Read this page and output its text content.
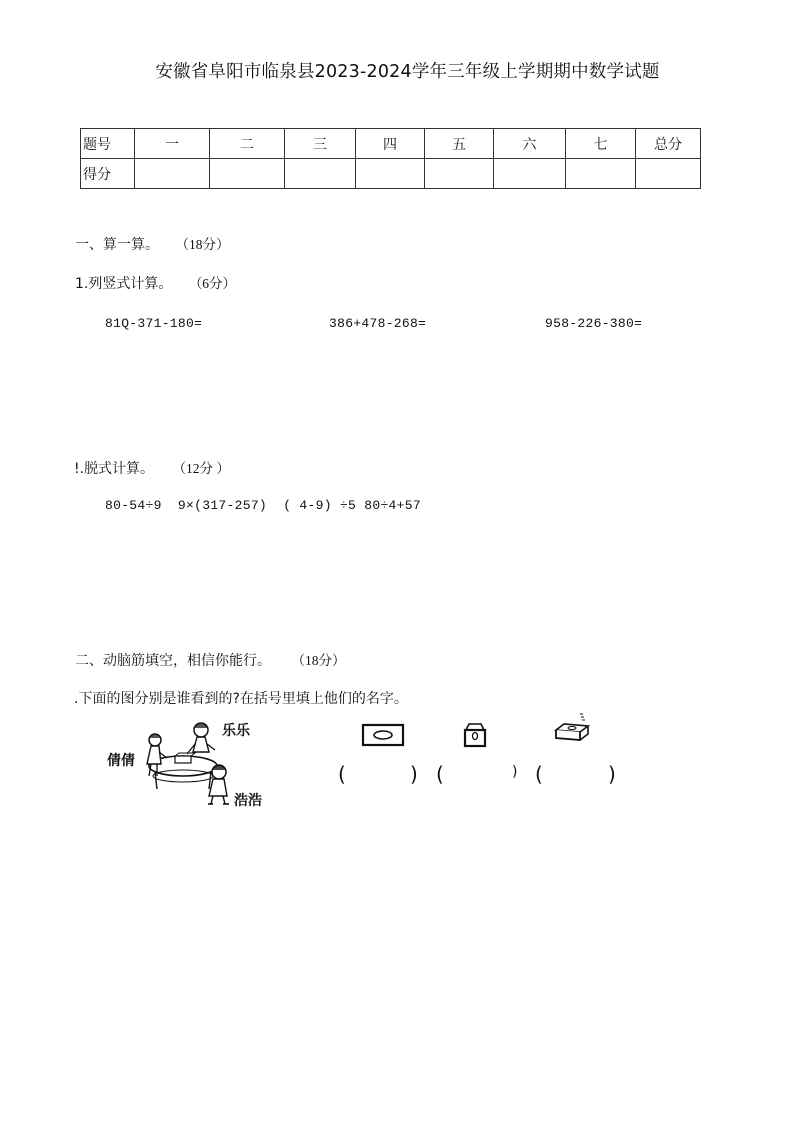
安徽省阜阳市临泉县2023-2024学年三年级上学期期中数学试题
题号	一	二	三	四	五	六	七	总分
得分								
一、算一算。 （18分）
1.列竖式计算。 （6分）
81Q-371-180=	386+478-268=	958-226-380=
!.脱式计算。 （12分 ）
80-54÷9  9×(317-257)  ( 4-9) ÷5 80÷4+57
二、动脑筋填空，相信你能行。 （18分）
.下面的图分别是谁看到的?在括号里填上他们的名字。
乐乐
倩倩
浩浩
(	) (	) (	)
